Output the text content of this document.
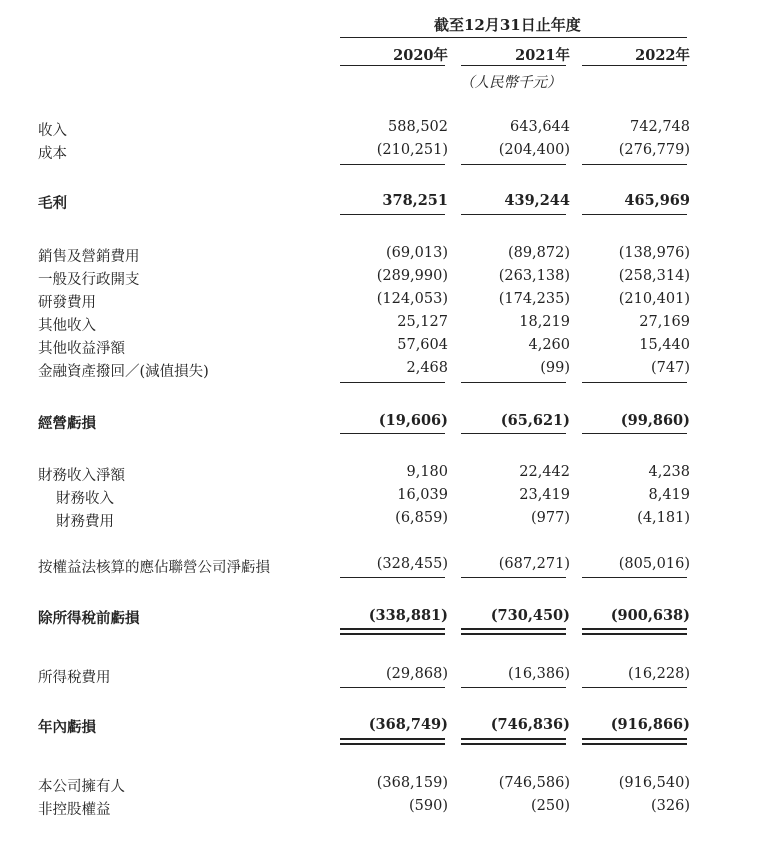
截至12月31日止年度
2020年	2021年	2022年
（人民幣千元）
收入	588,502	643,644	742,748
成本	(210,251)	(204,400)	(276,779)
毛利	378,251	439,244	465,969
銷售及營銷費用	(69,013)	(89,872)	(138,976)
一般及行政開支	(289,990)	(263,138)	(258,314)
研發費用	(124,053)	(174,235)	(210,401)
其他收入	25,127	18,219	27,169
其他收益淨額	57,604	4,260	15,440
金融資產撥回／(減值損失)	2,468	(99)	(747)
經營虧損	(19,606)	(65,621)	(99,860)
財務收入淨額	9,180	22,442	4,238
財務收入	16,039	23,419	8,419
財務費用	(6,859)	(977)	(4,181)
按權益法核算的應佔聯營公司淨虧損	(328,455)	(687,271)	(805,016)
除所得稅前虧損	(338,881)	(730,450)	(900,638)
所得稅費用	(29,868)	(16,386)	(16,228)
年內虧損	(368,749)	(746,836)	(916,866)
本公司擁有人	(368,159)	(746,586)	(916,540)
非控股權益	(590)	(250)	(326)
